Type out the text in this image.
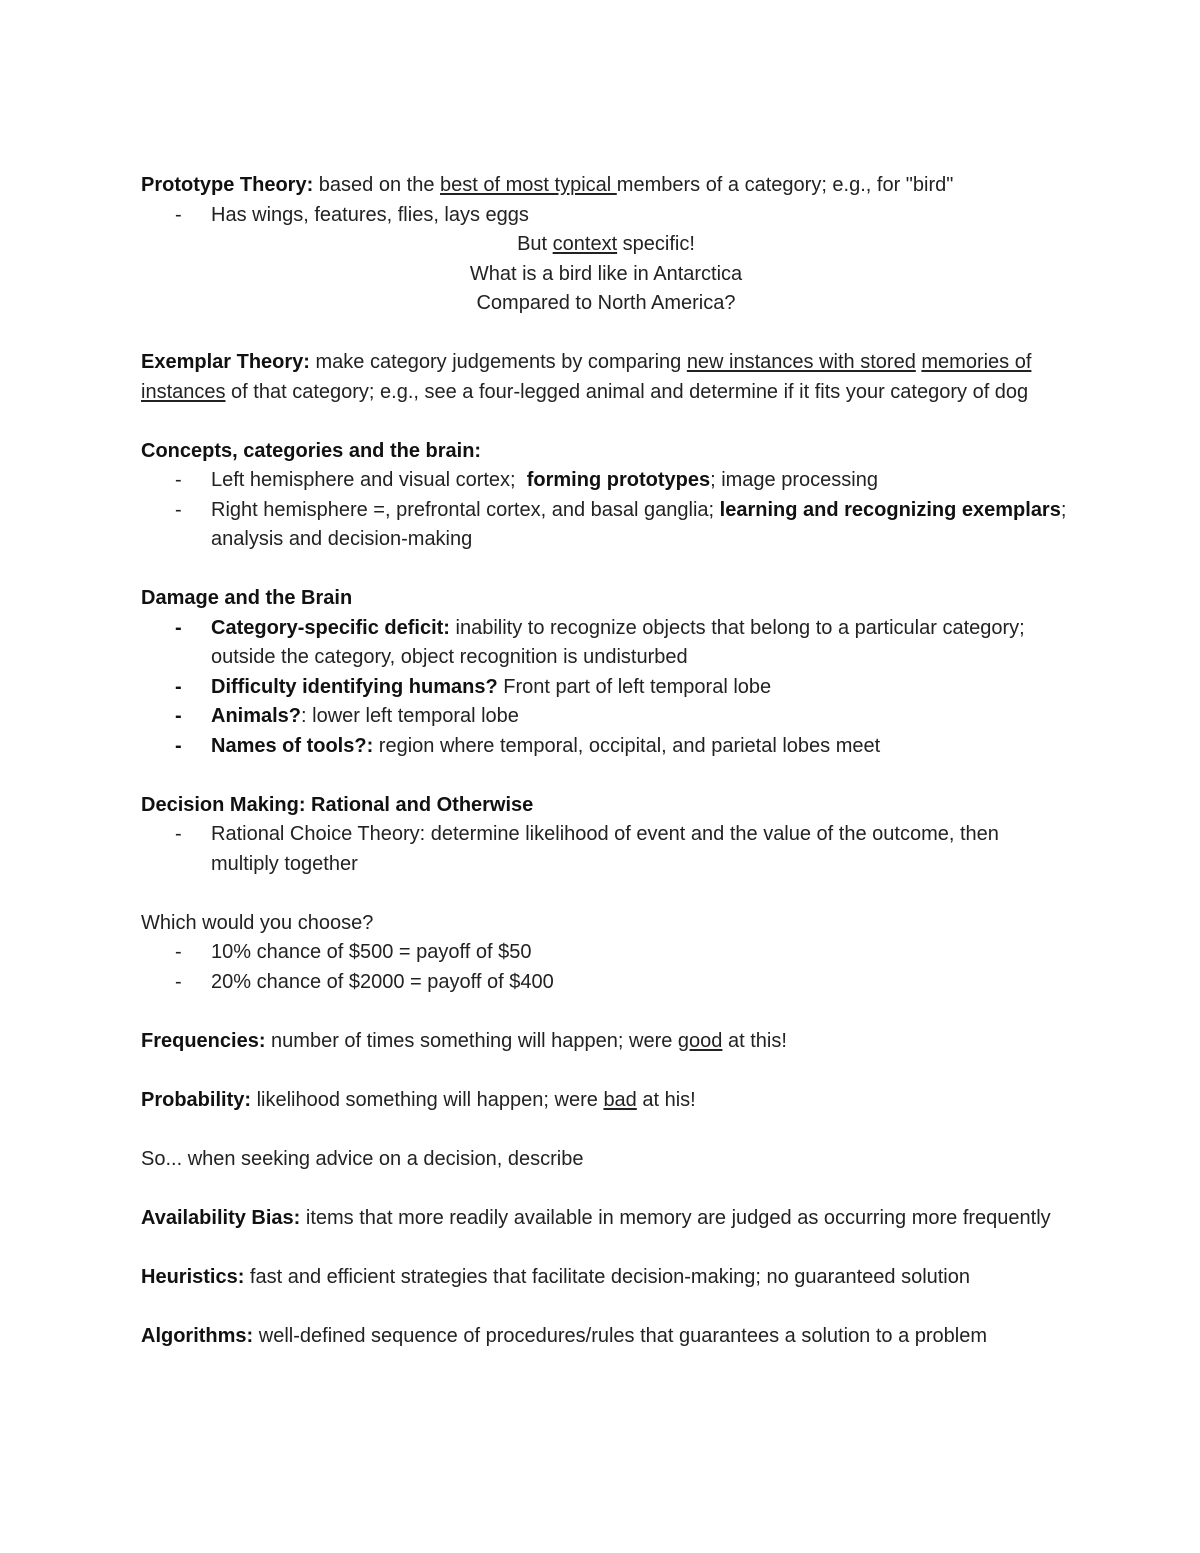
Prototype Theory: based on the best of most typical members of a category; e.g., for "bird"
- Has wings, features, flies, lays eggs
But context specific!
What is a bird like in Antarctica
Compared to North America?
Exemplar Theory: make category judgements by comparing new instances with stored memories of instances of that category; e.g., see a four-legged animal and determine if it fits your category of dog
Concepts, categories and the brain:
- Left hemisphere and visual cortex;  forming prototypes; image processing
- Right hemisphere =, prefrontal cortex, and basal ganglia; learning and recognizing exemplars; analysis and decision-making
Damage and the Brain
- Category-specific deficit: inability to recognize objects that belong to a particular category; outside the category, object recognition is undisturbed
- Difficulty identifying humans? Front part of left temporal lobe
- Animals?: lower left temporal lobe
- Names of tools?: region where temporal, occipital, and parietal lobes meet
Decision Making: Rational and Otherwise
- Rational Choice Theory: determine likelihood of event and the value of the outcome, then multiply together
Which would you choose?
- 10% chance of $500 = payoff of $50
- 20% chance of $2000 = payoff of $400
Frequencies: number of times something will happen; were good at this!
Probability: likelihood something will happen; were bad at his!
So... when seeking advice on a decision, describe
Availability Bias: items that more readily available in memory are judged as occurring more frequently
Heuristics: fast and efficient strategies that facilitate decision-making; no guaranteed solution
Algorithms: well-defined sequence of procedures/rules that guarantees a solution to a problem
